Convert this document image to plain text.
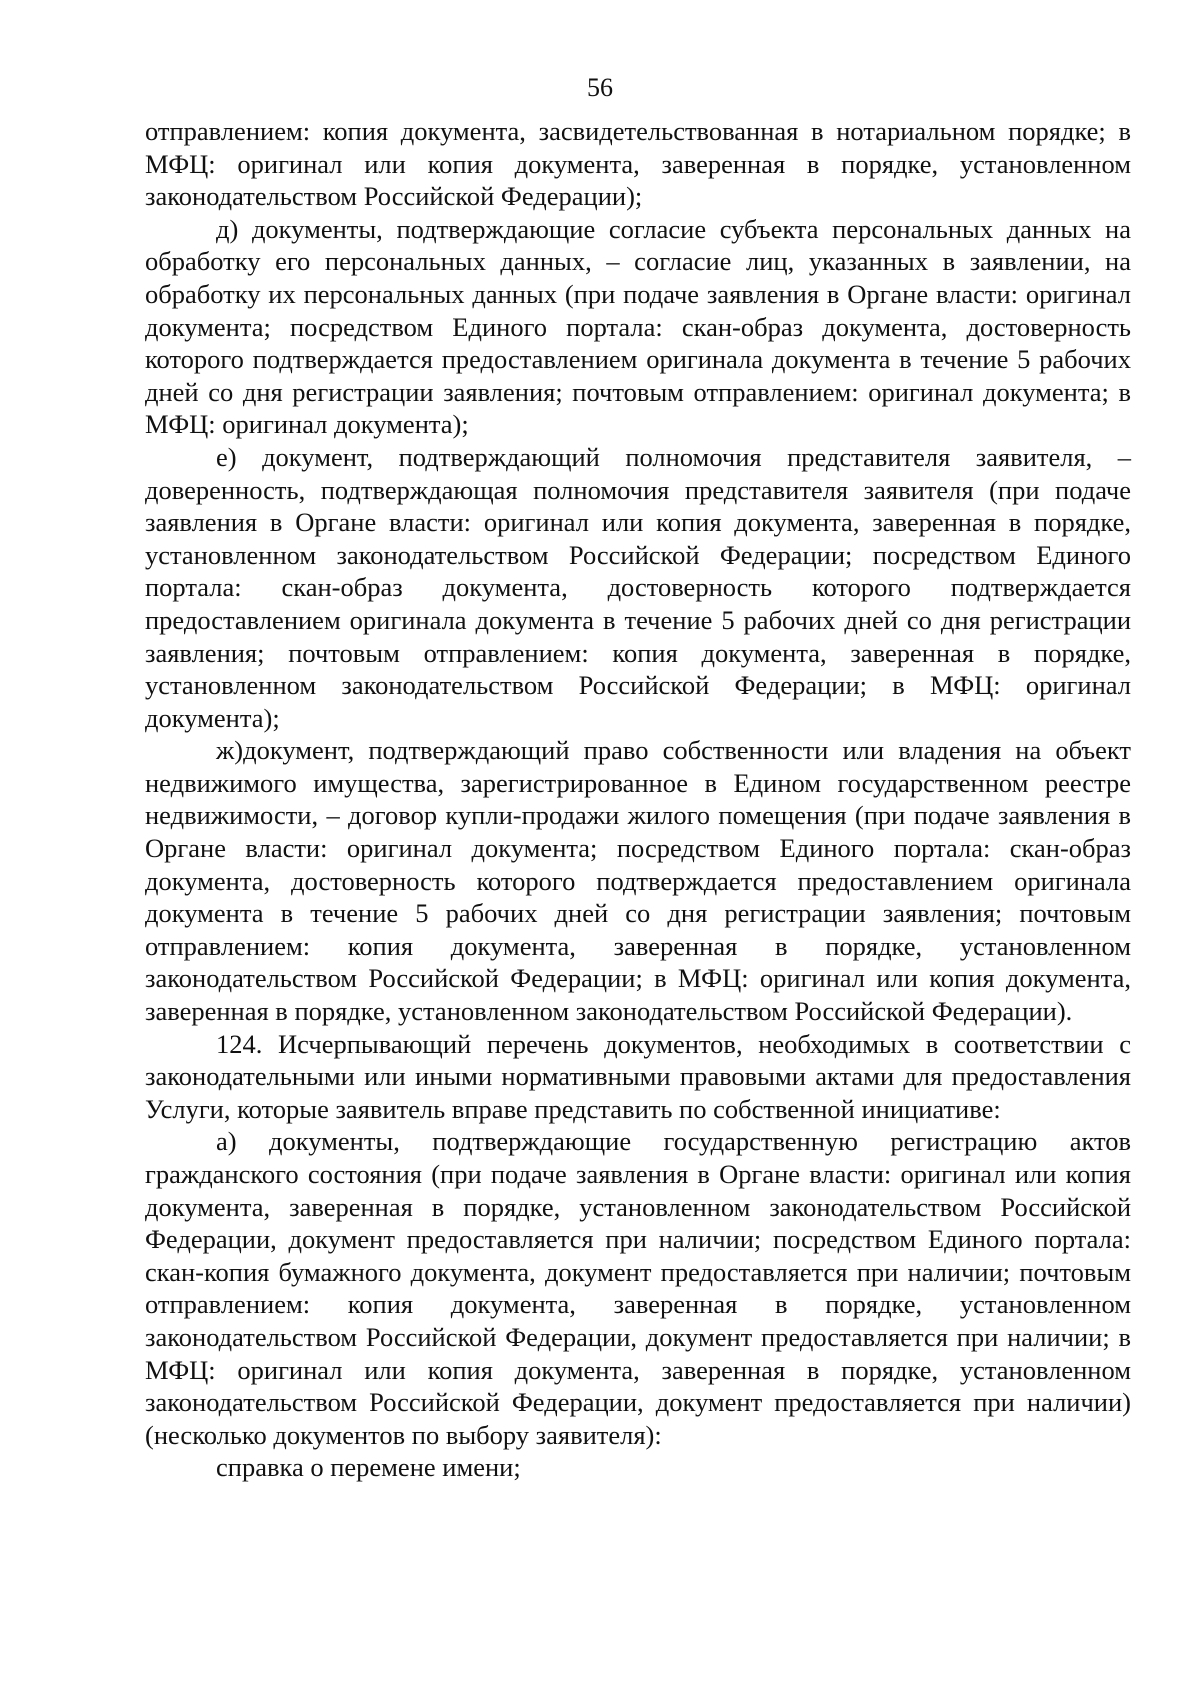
56

отправлением: копия документа, засвидетельствованная в нотариальном порядке; в МФЦ: оригинал или копия документа, заверенная в порядке, установленном законодательством Российской Федерации);

д) документы, подтверждающие согласие субъекта персональных данных на обработку его персональных данных, – согласие лиц, указанных в заявлении, на обработку их персональных данных (при подаче заявления в Органе власти: оригинал документа; посредством Единого портала: скан-образ документа, достоверность которого подтверждается предоставлением оригинала документа в течение 5 рабочих дней со дня регистрации заявления; почтовым отправлением: оригинал документа; в МФЦ: оригинал документа);

е) документ, подтверждающий полномочия представителя заявителя, – доверенность, подтверждающая полномочия представителя заявителя (при подаче заявления в Органе власти: оригинал или копия документа, заверенная в порядке, установленном законодательством Российской Федерации; посредством Единого портала: скан-образ документа, достоверность которого подтверждается предоставлением оригинала документа в течение 5 рабочих дней со дня регистрации заявления; почтовым отправлением: копия документа, заверенная в порядке, установленном законодательством Российской Федерации; в МФЦ: оригинал документа);

ж)документ, подтверждающий право собственности или владения на объект недвижимого имущества, зарегистрированное в Едином государственном реестре недвижимости, – договор купли-продажи жилого помещения (при подаче заявления в Органе власти: оригинал документа; посредством Единого портала: скан-образ документа, достоверность которого подтверждается предоставлением оригинала документа в течение 5 рабочих дней со дня регистрации заявления; почтовым отправлением: копия документа, заверенная в порядке, установленном законодательством Российской Федерации; в МФЦ: оригинал или копия документа, заверенная в порядке, установленном законодательством Российской Федерации).

124. Исчерпывающий перечень документов, необходимых в соответствии с законодательными или иными нормативными правовыми актами для предоставления Услуги, которые заявитель вправе представить по собственной инициативе:

а) документы, подтверждающие государственную регистрацию актов гражданского состояния (при подаче заявления в Органе власти: оригинал или копия документа, заверенная в порядке, установленном законодательством Российской Федерации, документ предоставляется при наличии; посредством Единого портала: скан-копия бумажного документа, документ предоставляется при наличии; почтовым отправлением: копия документа, заверенная в порядке, установленном законодательством Российской Федерации, документ предоставляется при наличии; в МФЦ: оригинал или копия документа, заверенная в порядке, установленном законодательством Российской Федерации, документ предоставляется при наличии) (несколько документов по выбору заявителя):

справка о перемене имени;
